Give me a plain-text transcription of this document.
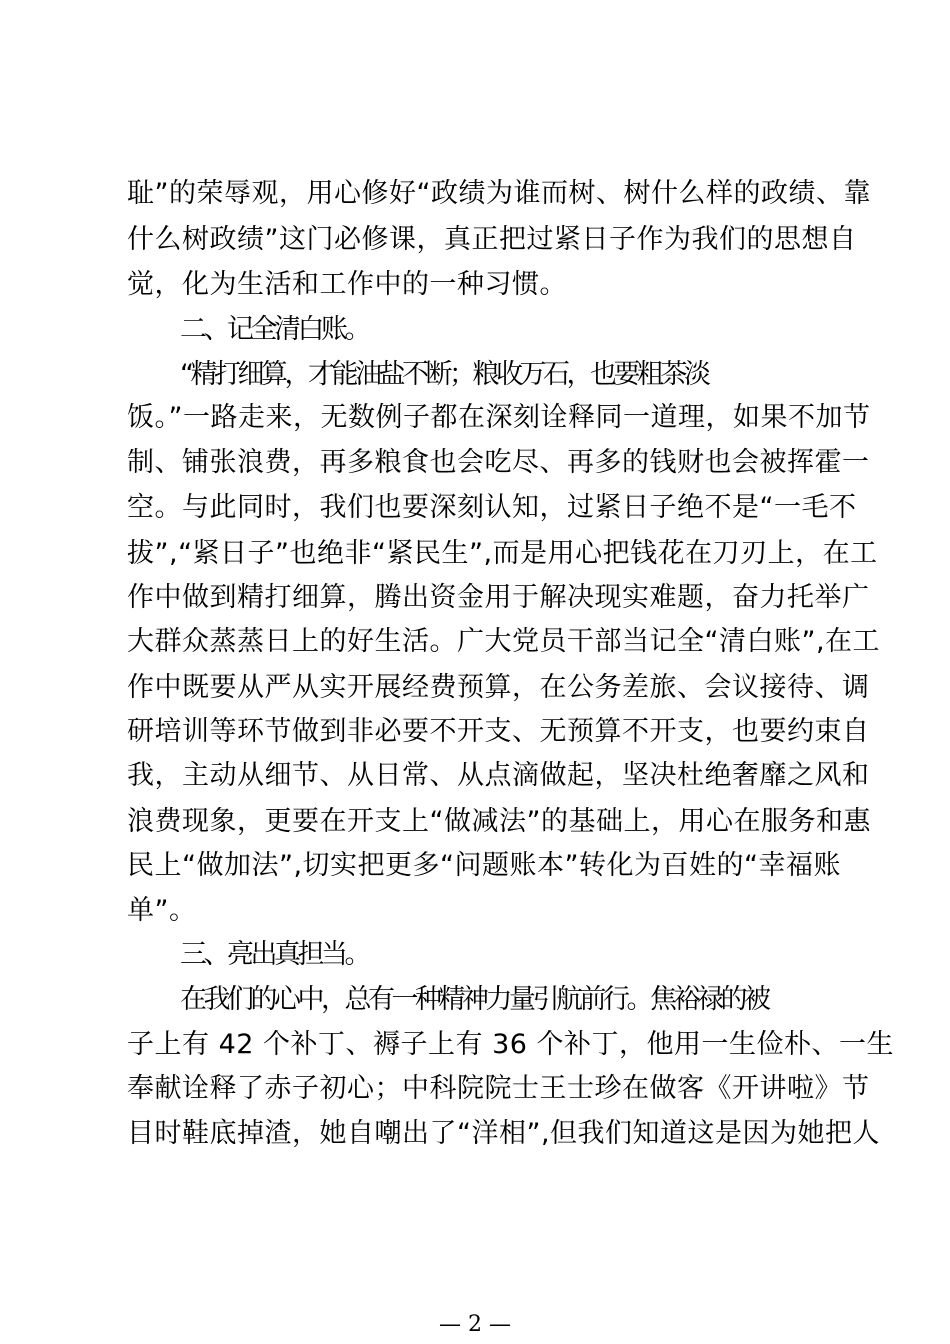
耻”的荣辱观，用心修好“政绩为谁而树、树什么样的政绩、靠
什么树政绩”这门必修课，真正把过紧日子作为我们的思想自
觉，化为生活和工作中的一种习惯。
二、记全清白账。
“精打细算，才能油盐不断；粮收万石，也要粗茶淡
饭。”一路走来，无数例子都在深刻诠释同一道理，如果不加节
制、铺张浪费，再多粮食也会吃尽、再多的钱财也会被挥霍一
空。与此同时，我们也要深刻认知，过紧日子绝不是“一毛不
拔”,“紧日子”也绝非“紧民生”,而是用心把钱花在刀刃上，在工
作中做到精打细算，腾出资金用于解决现实难题，奋力托举广
大群众蒸蒸日上的好生活。广大党员干部当记全“清白账”,在工
作中既要从严从实开展经费预算，在公务差旅、会议接待、调
研培训等环节做到非必要不开支、无预算不开支，也要约束自
我，主动从细节、从日常、从点滴做起，坚决杜绝奢靡之风和
浪费现象，更要在开支上“做减法”的基础上，用心在服务和惠
民上“做加法”,切实把更多“问题账本”转化为百姓的“幸福账
单”。
三、亮出真担当。
在我们的心中，总有一种精神力量引航前行。焦裕禄的被
子上有 42 个补丁、褥子上有 36 个补丁，他用一生俭朴、一生
奉献诠释了赤子初心；中科院院士王士珍在做客《开讲啦》节
目时鞋底掉渣，她自嘲出了“洋相”,但我们知道这是因为她把人
— 2 —
